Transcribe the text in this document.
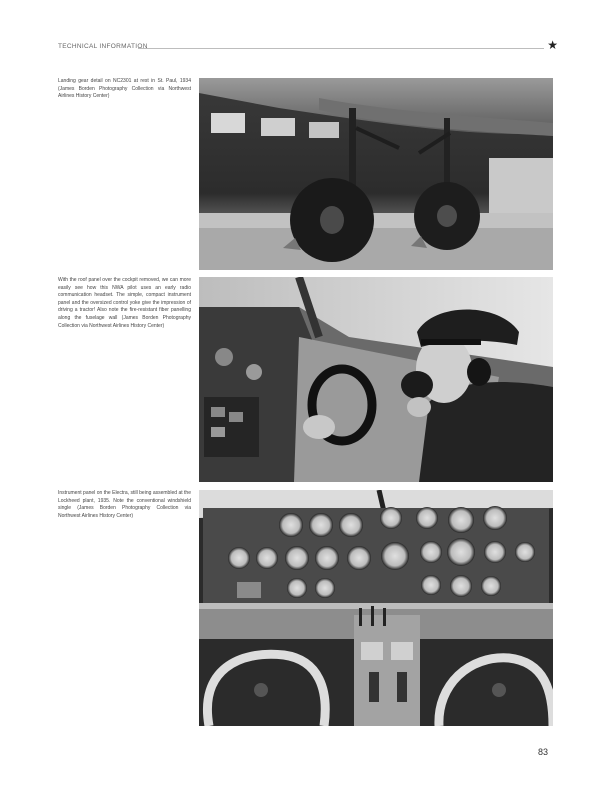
TECHNICAL INFORMATION	★
Landing gear detail on NC2301 at rest in St. Paul, 1934 (James Borden Photography Collection via Northwest Airlines History Center)
With the roof panel over the cockpit removed, we can more easily see how this NWA pilot uses an early radio communication headset. The simple, compact instrument panel and the oversized control yoke give the impression of driving a tractor! Also note the fire-resistant fiber panelling along the fuselage wall (James Borden Photography Collection via Northwest Airlines History Center)
Instrument panel on the Electra, still being assembled at the Lockheed plant, 1935. Note the conventional windshield single (James Borden Photography Collection via Northwest Airlines History Center)
83
